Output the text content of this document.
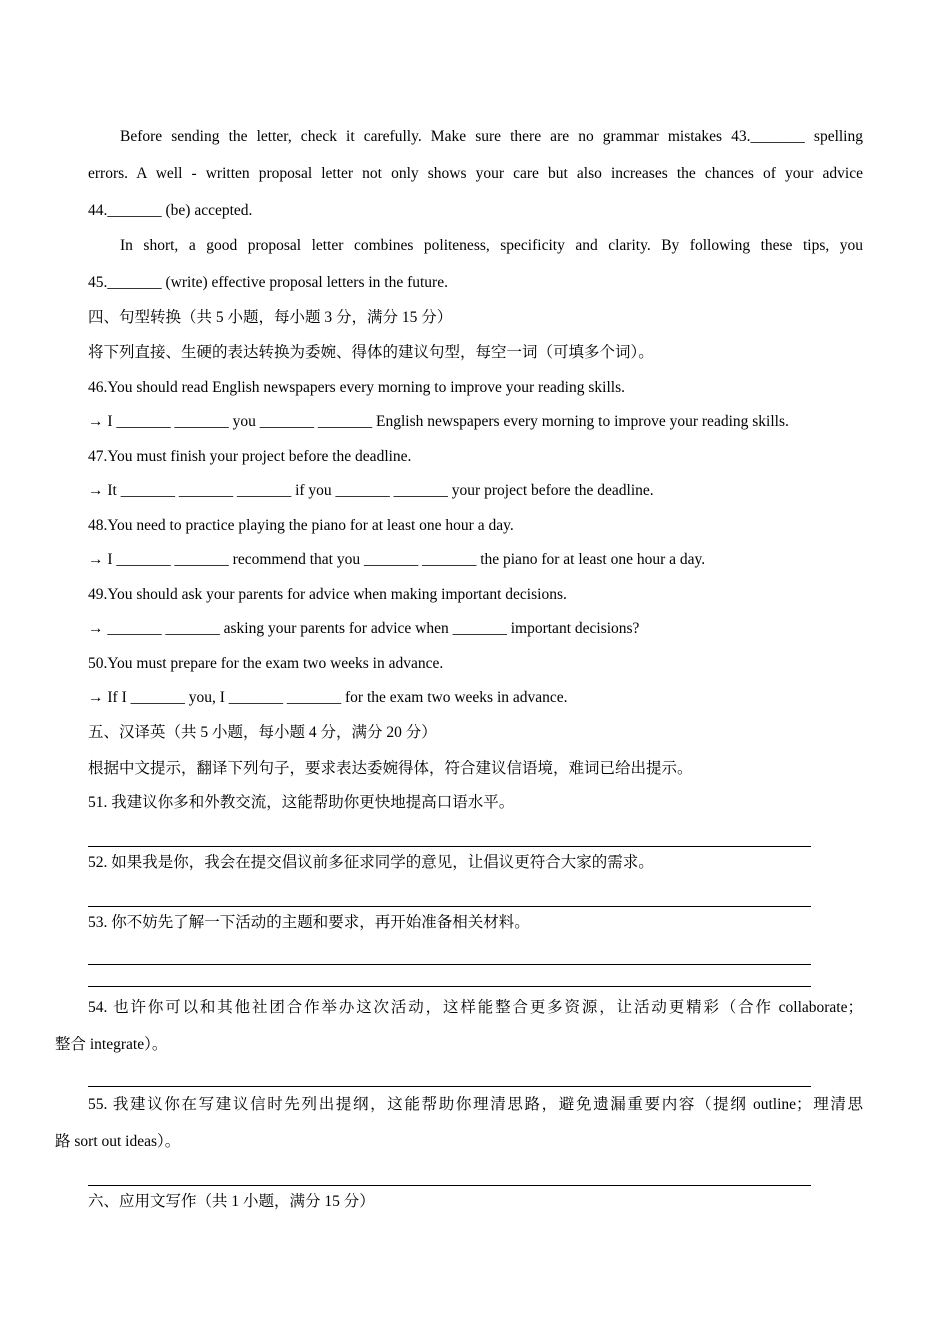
Before sending the letter, check it carefully. Make sure there are no grammar mistakes 43._______ spelling
errors. A well - written proposal letter not only shows your care but also increases the chances of your advice
44._______ (be) accepted.
In short, a good proposal letter combines politeness, specificity and clarity. By following these tips, you
45._______ (write) effective proposal letters in the future.
四、句型转换（共 5 小题，每小题 3 分，满分 15 分）
将下列直接、生硬的表达转换为委婉、得体的建议句型，每空一词（可填多个词）。
46.You should read English newspapers every morning to improve your reading skills.
→ I _______ _______ you _______ _______ English newspapers every morning to improve your reading skills.
47.You must finish your project before the deadline.
→ It _______ _______ _______ if you _______ _______ your project before the deadline.
48.You need to practice playing the piano for at least one hour a day.
→ I _______ _______ recommend that you _______ _______ the piano for at least one hour a day.
49.You should ask your parents for advice when making important decisions.
→ _______ _______ asking your parents for advice when _______ important decisions?
50.You must prepare for the exam two weeks in advance.
→ If I _______ you, I _______ _______ for the exam two weeks in advance.
五、汉译英（共 5 小题，每小题 4 分，满分 20 分）
根据中文提示，翻译下列句子，要求表达委婉得体，符合建议信语境，难词已给出提示。
51. 我建议你多和外教交流，这能帮助你更快地提高口语水平。
52. 如果我是你，我会在提交倡议前多征求同学的意见，让倡议更符合大家的需求。
53. 你不妨先了解一下活动的主题和要求，再开始准备相关材料。
54. 也许你可以和其他社团合作举办这次活动，这样能整合更多资源，让活动更精彩（合作 collaborate；
整合 integrate）。
55. 我建议你在写建议信时先列出提纲，这能帮助你理清思路，避免遗漏重要内容（提纲 outline；理清思
路 sort out ideas）。
六、应用文写作（共 1 小题，满分 15 分）
